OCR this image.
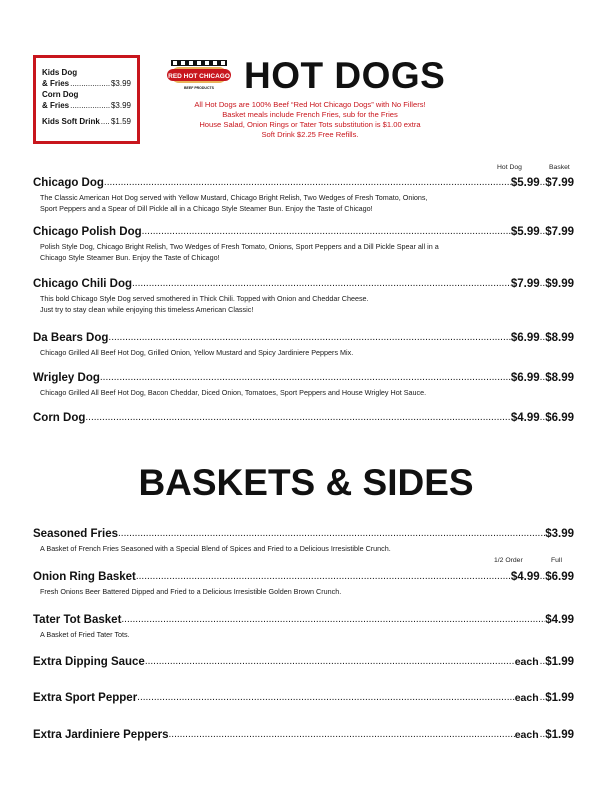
Kids Dog
& Fries .....	$3.99
Corn Dog
& Fries .....	$3.99
Kids Soft Drink ..... $1.59
RED HOT CHICAGO
BEEF PRODUCTS HOT DOGS
All Hot Dogs are 100% Beef “Red Hot Chicago Dogs” with No Fillers!
Basket meals include French Fries, sub for the Fries
House Salad, Onion Rings or Tater Tots substitution is $1.00 extra
Soft Drink $2.25 Free Refills.
Hot Dog	Basket
Chicago Dog .....	$5.99 .. $7.99
The Classic American Hot Dog served with Yellow Mustard, Chicago Bright Relish, Two Wedges of Fresh Tomato, Onions,
Sport Peppers and a Spear of Dill Pickle all in a Chicago Style Steamer Bun. Enjoy the Taste of Chicago!
Chicago Polish Dog .....	$5.99 .. $7.99
Polish Style Dog, Chicago Bright Relish, Two Wedges of Fresh Tomato, Onions, Sport Peppers and a Dill Pickle Spear all in a
Chicago Style Steamer Bun. Enjoy the Taste of Chicago!
Chicago Chili Dog .....	$7.99 .. $9.99
This bold Chicago Style Dog served smothered in Thick Chili. Topped with Onion and Cheddar Cheese.
Just try to stay clean while enjoying this timeless American Classic!
Da Bears Dog .....	$6.99 .. $8.99
Chicago Grilled All Beef Hot Dog, Grilled Onion, Yellow Mustard and Spicy Jardiniere Peppers Mix.
Wrigley Dog .....	$6.99 .. $8.99
Chicago Grilled All Beef Hot Dog, Bacon Cheddar, Diced Onion, Tomatoes, Sport Peppers and House Wrigley Hot Sauce.
Corn Dog .....	$4.99 .. $6.99
BASKETS & SIDES
Seasoned Fries .....	$3.99
A Basket of French Fries Seasoned with a Special Blend of Spices and Fried to a Delicious Irresistible Crunch.
1/2 Order	Full
Onion Ring Basket .....	$4.99 .. $6.99
Fresh Onions Beer Battered Dipped and Fried to a Delicious Irresistible Golden Brown Crunch.
Tater Tot Basket .....	$4.99
A Basket of Fried Tater Tots.
Extra Dipping Sauce .....	each .. $1.99
Extra Sport Pepper .....	each .. $1.99
Extra Jardiniere Peppers .....	each .. $1.99
